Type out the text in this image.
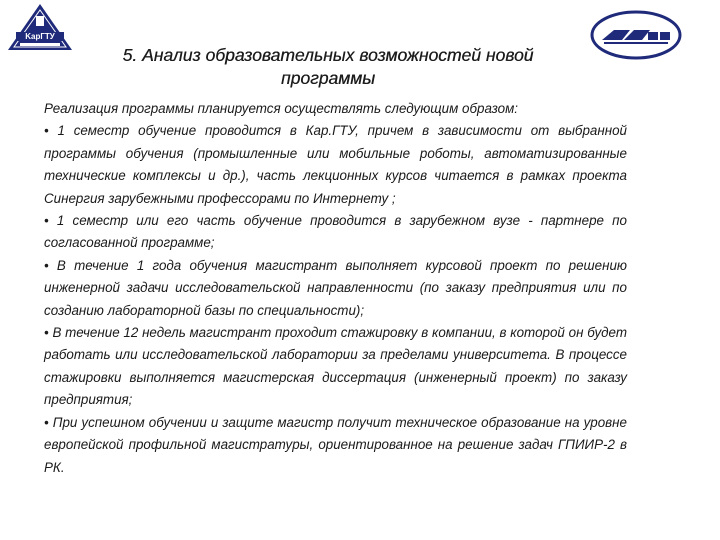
KapГТУ
5. Анализ образовательных возможностей новой
программы

Реализация программы планируется осуществлять следующим образом:

• 1 семестр обучение проводится в Кар.ГТУ, причем в зависимости от выбранной программы обучения (промышленные или мобильные роботы, автоматизированные технические комплексы и др.), часть лекционных курсов читается в рамках проекта Синергия зарубежными профессорами по Интернету ;

• 1 семестр или его часть обучение проводится в зарубежном вузе - партнере по согласованной программе;

• В течение 1 года обучения магистрант выполняет курсовой проект по решению инженерной задачи исследовательской направленности (по заказу предприятия или по созданию лабораторной базы по специальности);

• В течение 12 недель магистрант проходит стажировку в компании, в которой он будет работать или исследовательской лаборатории за пределами университета. В процессе стажировки выполняется магистерская диссертация (инженерный проект) по заказу предприятия;

• При успешном обучении и защите магистр получит техническое образование на уровне европейской профильной магистратуры, ориентированное на решение задач ГПИИР-2 в РК.
